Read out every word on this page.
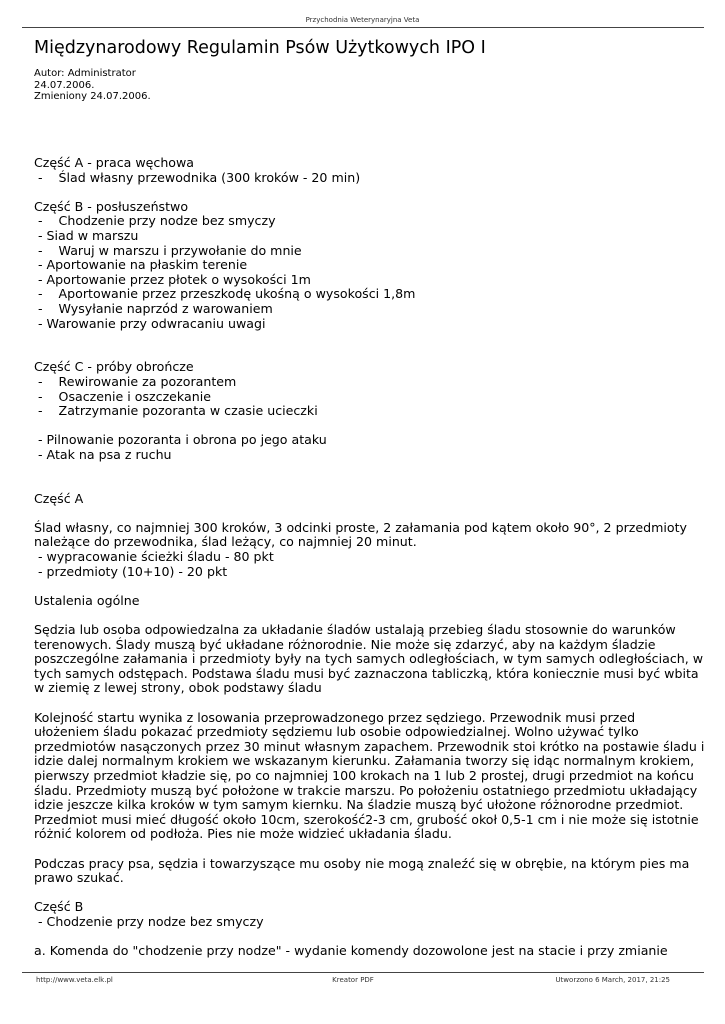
Przychodnia Weterynaryjna Veta
Międzynarodowy Regulamin Psów Użytkowych IPO I
Autor: Administrator
24.07.2006.
Zmieniony 24.07.2006.
Część A - praca węchowa
-    Ślad własny przewodnika (300 kroków - 20 min)
Część B - posłuszeństwo
-    Chodzenie przy nodze bez smyczy
- Siad w marszu
-    Waruj w marszu i przywołanie do mnie
- Aportowanie na płaskim terenie
- Aportowanie przez płotek o wysokości 1m
-    Aportowanie przez przeszkodę ukośną o wysokości 1,8m
-    Wysyłanie naprzód z warowaniem
- Warowanie przy odwracaniu uwagi
Część C - próby obrończe
-    Rewirowanie za pozorantem
-    Osaczenie i oszczekanie
-    Zatrzymanie pozoranta w czasie ucieczki
- Pilnowanie pozoranta i obrona po jego ataku
- Atak na psa z ruchu
Część A
Ślad własny, co najmniej 300 kroków, 3 odcinki proste, 2 załamania pod kątem około 90°, 2 przedmioty
należące do przewodnika, ślad leżący, co najmniej 20 minut.
- wypracowanie ścieżki śladu - 80 pkt
- przedmioty (10+10) - 20 pkt
Ustalenia ogólne
Sędzia lub osoba odpowiedzalna za układanie śladów ustalają przebieg śladu stosownie do warunków
terenowych. Ślady muszą być układane różnorodnie. Nie może się zdarzyć, aby na każdym śladzie
poszczególne załamania i przedmioty były na tych samych odległościach, w tym samych odległościach, w
tych samych odstępach. Podstawa śladu musi być zaznaczona tabliczką, która koniecznie musi być wbita
w ziemię z lewej strony, obok podstawy śladu
Kolejność startu wynika z losowania przeprowadzonego przez sędziego. Przewodnik musi przed
ułożeniem śladu pokazać przedmioty sędziemu lub osobie odpowiedzialnej. Wolno używać tylko
przedmiotów nasączonych przez 30 minut własnym zapachem. Przewodnik stoi krótko na postawie śladu i
idzie dalej normalnym krokiem we wskazanym kierunku. Załamania tworzy się idąc normalnym krokiem,
pierwszy przedmiot kładzie się, po co najmniej 100 krokach na 1 lub 2 prostej, drugi przedmiot na końcu
śladu. Przedmioty muszą być położone w trakcie marszu. Po położeniu ostatniego przedmiotu układający
idzie jeszcze kilka kroków w tym samym kiernku. Na śladzie muszą być ułożone różnorodne przedmiot.
Przedmiot musi mieć długość około 10cm, szerokość2-3 cm, grubość okoł 0,5-1 cm i nie może się istotnie
różnić kolorem od podłoża. Pies nie może widzieć układania śladu.
Podczas pracy psa, sędzia i towarzyszące mu osoby nie mogą znaleźć się w obrębie, na którym pies ma
prawo szukać.
Część B
- Chodzenie przy nodze bez smyczy
a. Komenda do "chodzenie przy nodze" - wydanie komendy dozowolone jest na stacie i przy zmianie
http://www.veta.elk.pl	Kreator PDF	Utworzono 6 March, 2017, 21:25
